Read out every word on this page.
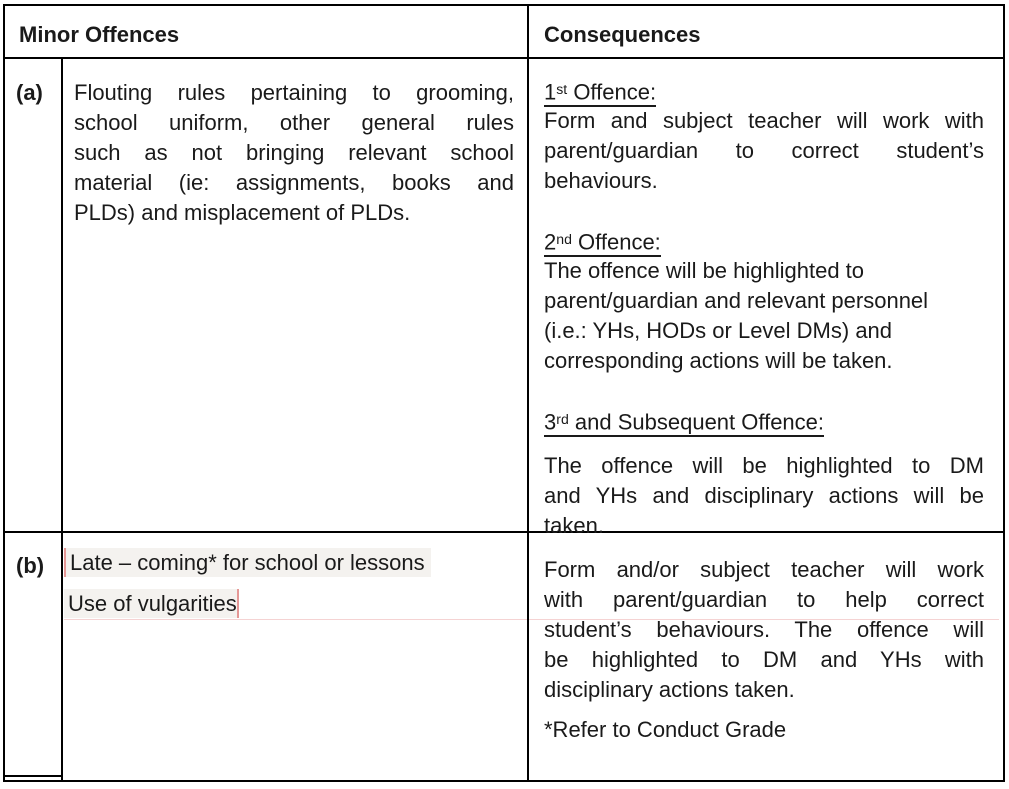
Minor Offences	Consequences
(a) Flouting rules pertaining to grooming,
school uniform, other general rules
such as not bringing relevant school
material (ie: assignments, books and
PLDs) and misplacement of PLDs.
1st Offence:
Form and subject teacher will work with
parent/guardian to correct student’s
behaviours.
2nd Offence:
The offence will be highlighted to
parent/guardian and relevant personnel
(i.e.: YHs, HODs or Level DMs) and
corresponding actions will be taken.
3rd and Subsequent Offence:
The offence will be highlighted to DM
and YHs and disciplinary actions will be
taken.
(b) Late – coming* for school or lessons
Use of vulgarities
Form and/or subject teacher will work
with parent/guardian to help correct
student’s behaviours. The offence will
be highlighted to DM and YHs with
disciplinary actions taken.
*Refer to Conduct Grade
